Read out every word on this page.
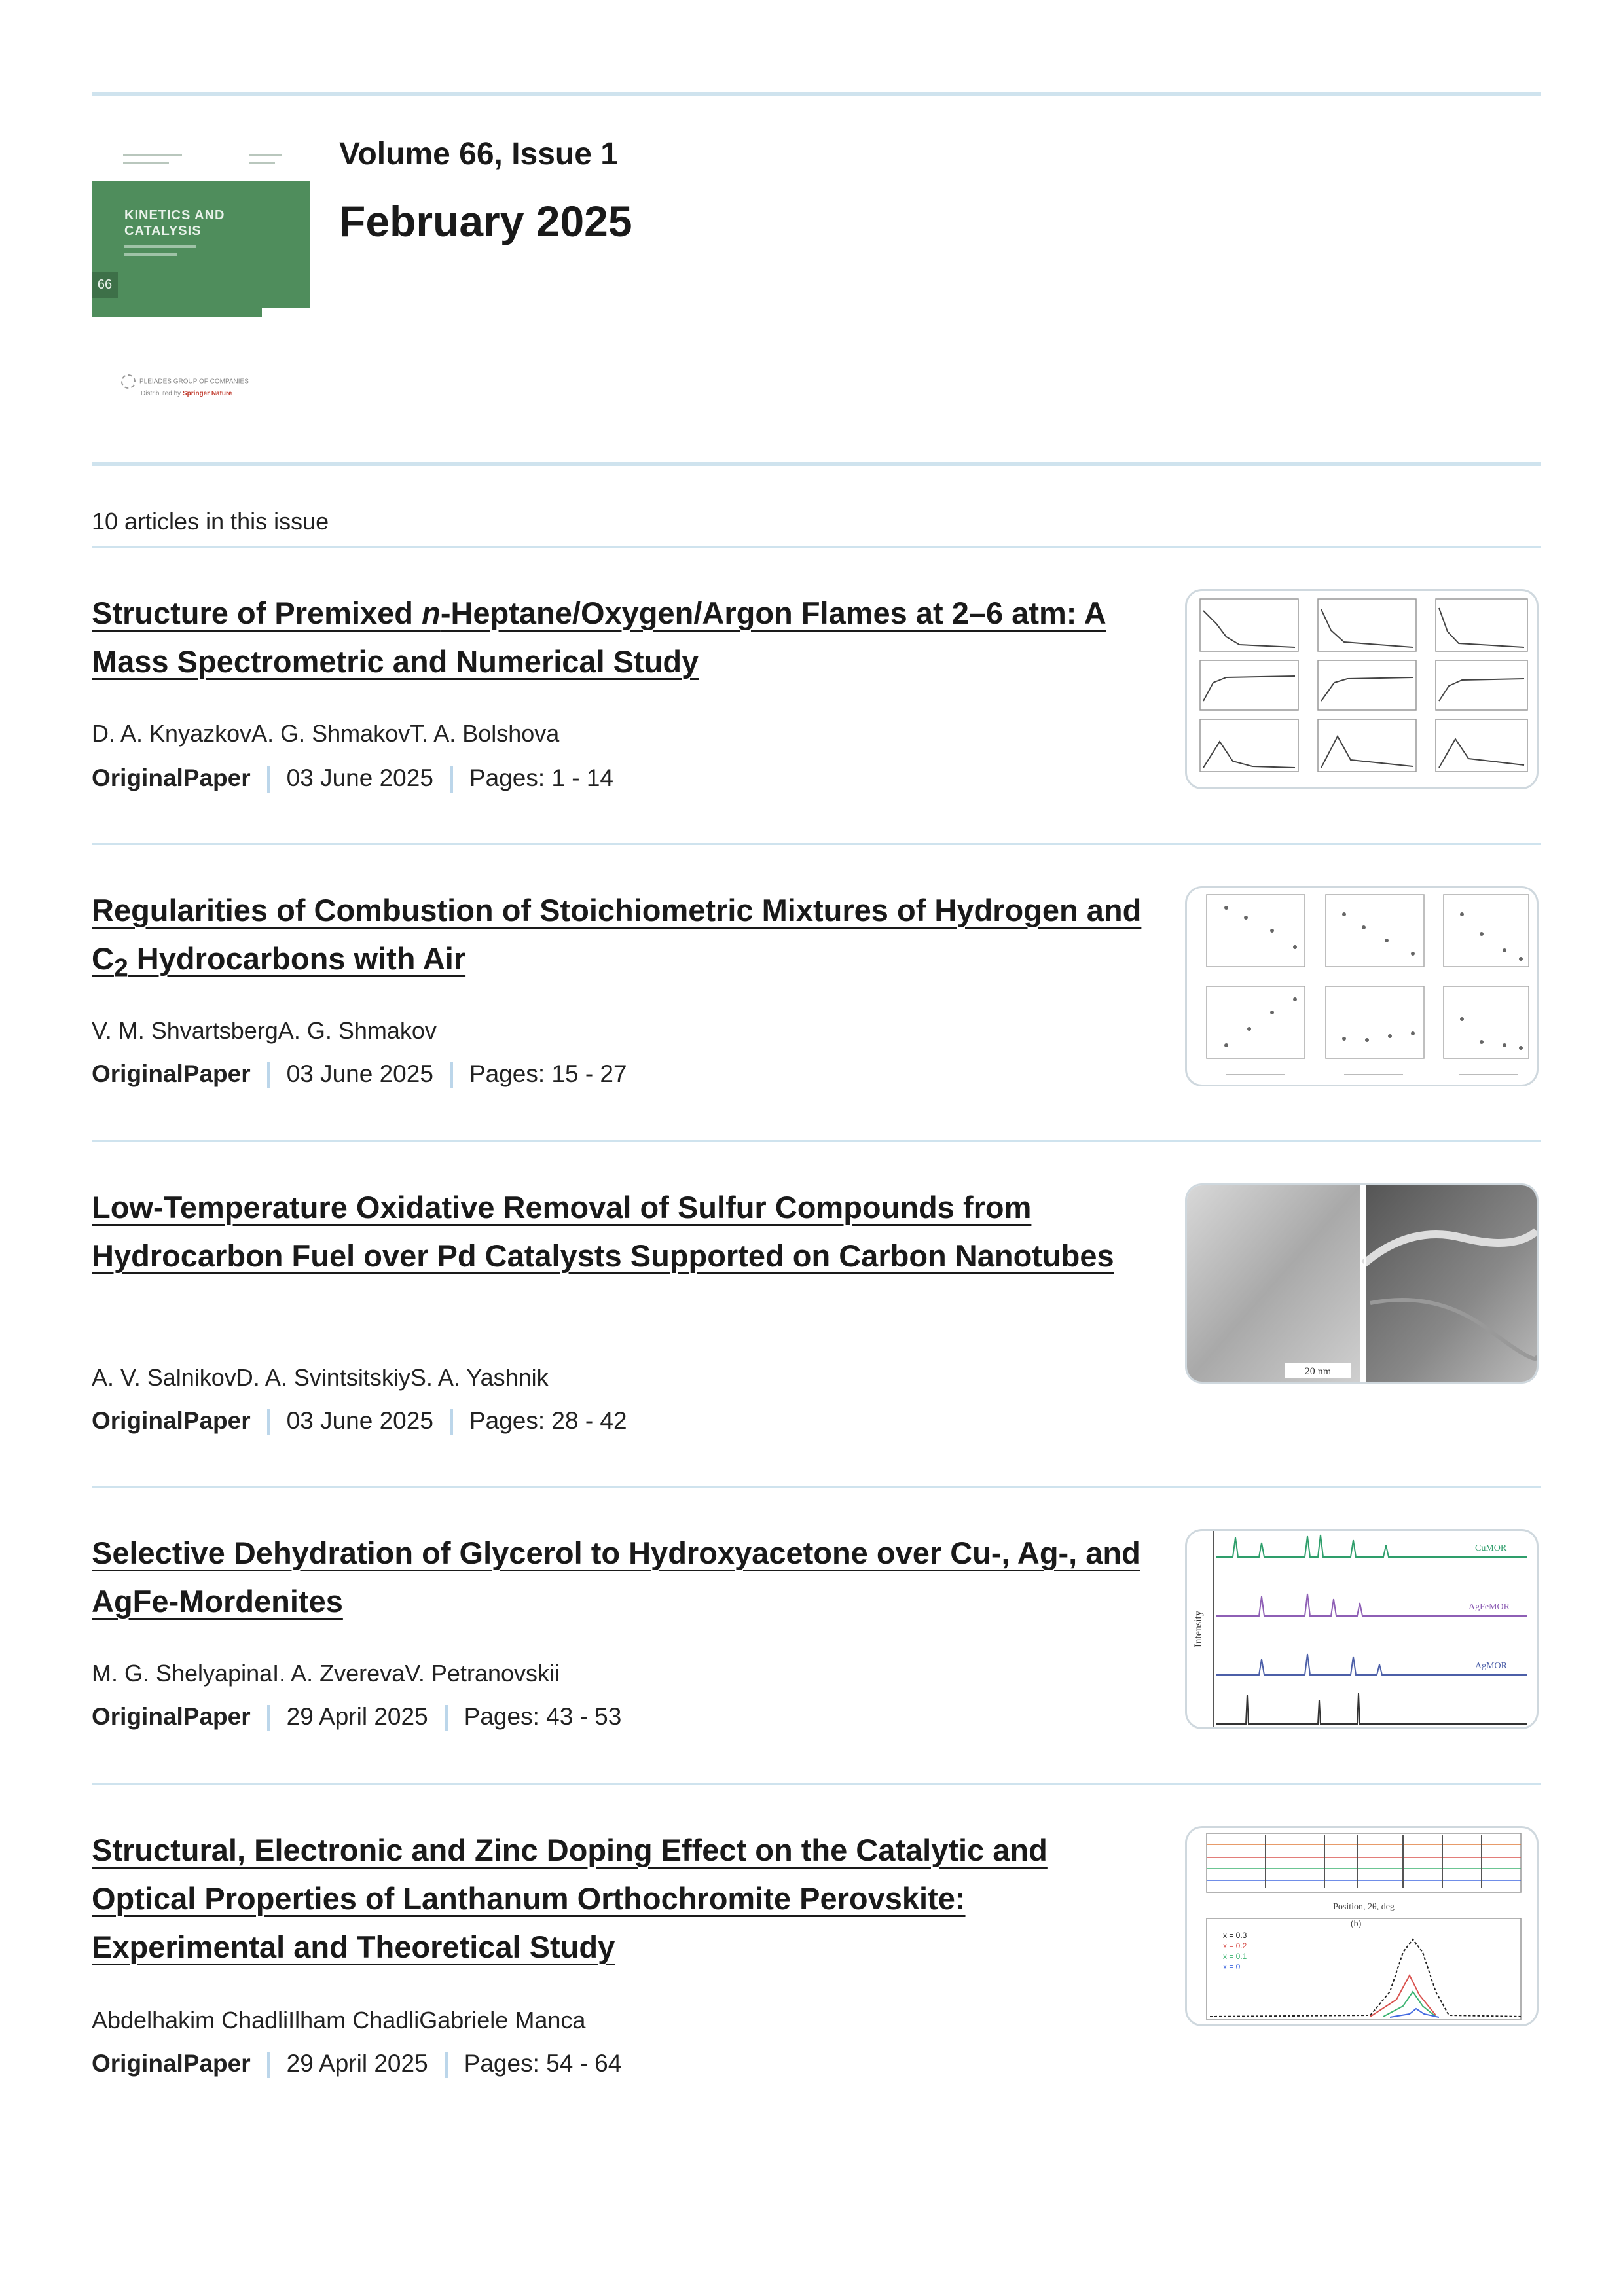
KINETICS AND
CATALYSIS
66
PLEIADES GROUP OF COMPANIES
Distributed by Springer Nature
Volume 66, Issue 1
February 2025
10 articles in this issue
Structure of Premixed n-Heptane/Oxygen/Argon Flames at 2–6 atm: A Mass Spectrometric and Numerical Study
D. A. KnyazkovA. G. ShmakovT. A. Bolshova
OriginalPaper 03 June 2025 Pages: 1 - 14
Regularities of Combustion of Stoichiometric Mixtures of Hydrogen and $C_2$ Hydrocarbons with Air
V. M. ShvartsbergA. G. Shmakov
OriginalPaper 03 June 2025 Pages: 15 - 27
Low-Temperature Oxidative Removal of Sulfur Compounds from Hydrocarbon Fuel over Pd Catalysts Supported on Carbon Nanotubes
A. V. SalnikovD. A. SvintsitskiyS. A. Yashnik
OriginalPaper 03 June 2025 Pages: 28 - 42
20 nm
Selective Dehydration of Glycerol to Hydroxyacetone over Cu-, Ag-, and AgFe-Mordenites
M. G. ShelyapinaI. A. ZverevaV. Petranovskii
OriginalPaper 29 April 2025 Pages: 43 - 53
Intensity
CuMOR
AgFeMOR
AgMOR
Structural, Electronic and Zinc Doping Effect on the Catalytic and Optical Properties of Lanthanum Orthochromite Perovskite: Experimental and Theoretical Study
Abdelhakim ChadliIlham ChadliGabriele Manca
OriginalPaper 29 April 2025 Pages: 54 - 64
Position, 2θ, deg
(b)
x = 0.3
x = 0.2
x = 0.1
x = 0
